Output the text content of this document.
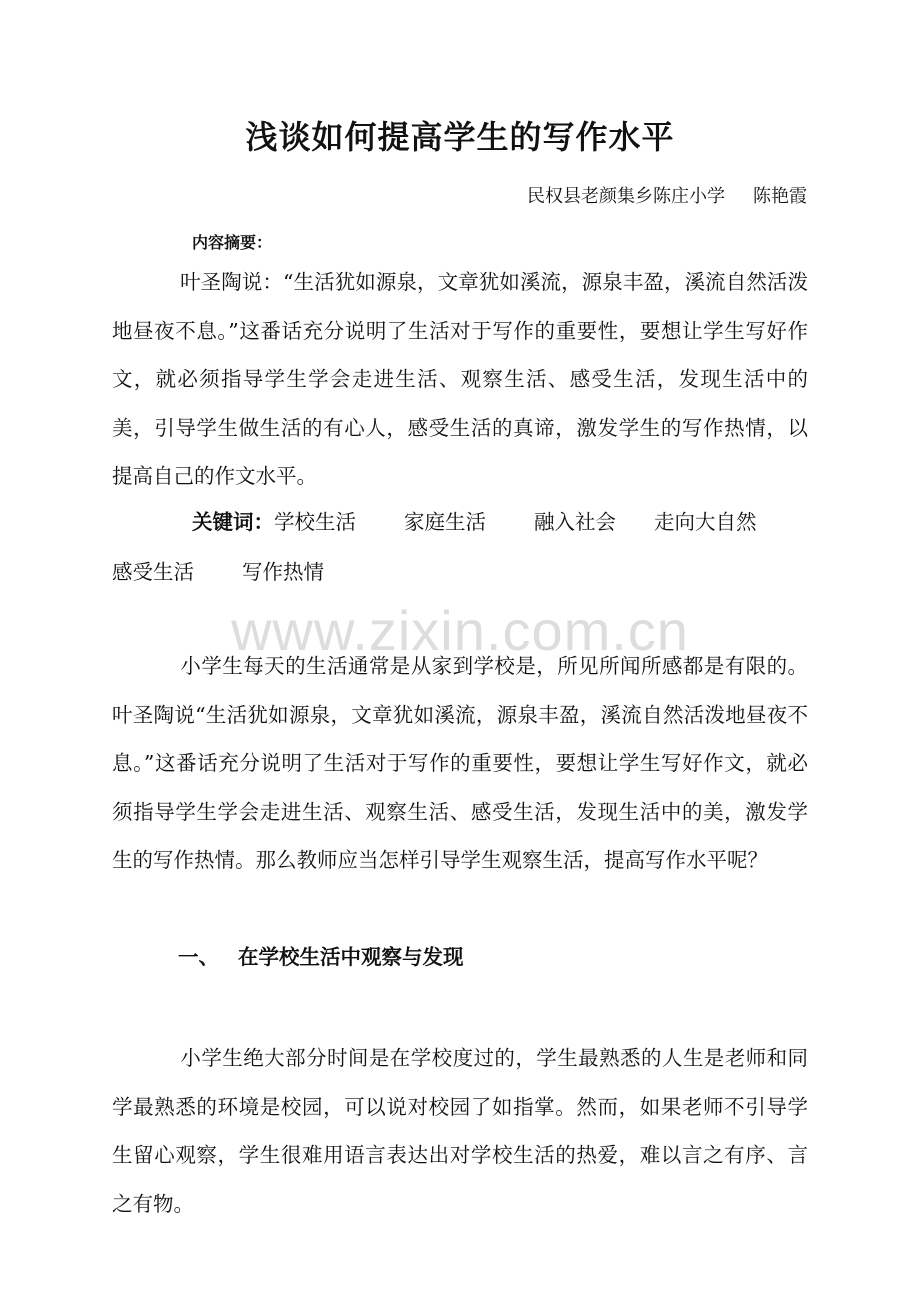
浅谈如何提高学生的写作水平
民权县老颜集乡陈庄小学 陈艳霞
内容摘要：
叶圣陶说：“生活犹如源泉，文章犹如溪流，源泉丰盈，溪流自然活泼地昼夜不息。”这番话充分说明了生活对于写作的重要性，要想让学生写好作文，就必须指导学生学会走进生活、观察生活、感受生活，发现生活中的美，引导学生做生活的有心人，感受生活的真谛，激发学生的写作热情，以提高自己的作文水平。
关键词：学校生活 家庭生活 融入社会 走向大自然
感受生活 写作热情
www.zixin.com.cn
小学生每天的生活通常是从家到学校是，所见所闻所感都是有限的。叶圣陶说“生活犹如源泉，文章犹如溪流，源泉丰盈，溪流自然活泼地昼夜不息。”这番话充分说明了生活对于写作的重要性，要想让学生写好作文，就必须指导学生学会走进生活、观察生活、感受生活，发现生活中的美，激发学生的写作热情。那么教师应当怎样引导学生观察生活，提高写作水平呢？
一、 在学校生活中观察与发现
小学生绝大部分时间是在学校度过的，学生最熟悉的人生是老师和同学最熟悉的环境是校园，可以说对校园了如指掌。然而，如果老师不引导学生留心观察，学生很难用语言表达出对学校生活的热爱，难以言之有序、言之有物。
